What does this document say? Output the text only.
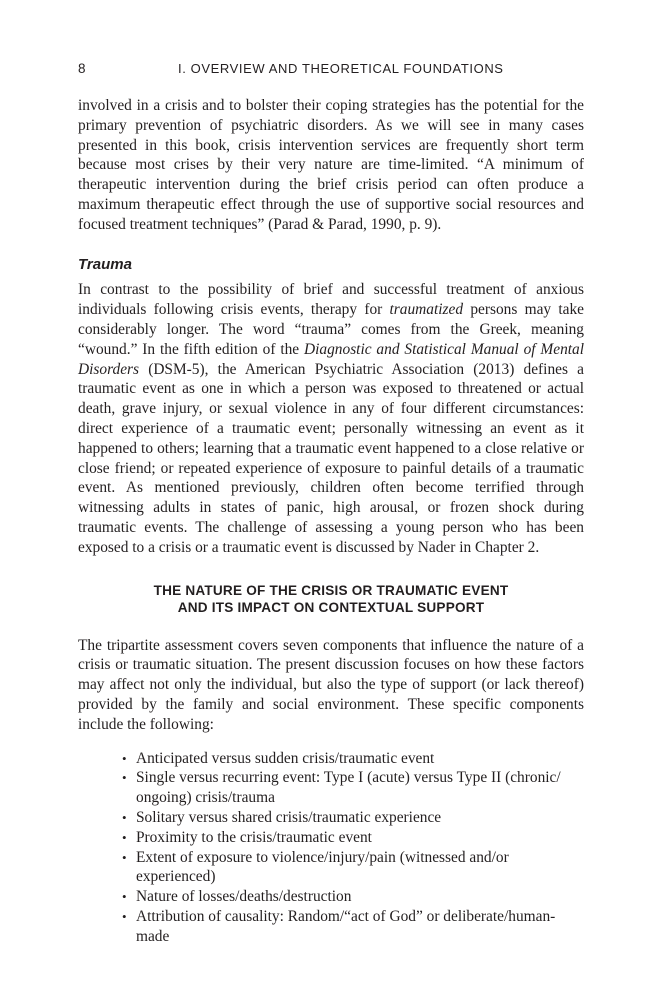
8	I. OVERVIEW AND THEORETICAL FOUNDATIONS

involved in a crisis and to bolster their coping strategies has the potential for the primary prevention of psychiatric disorders. As we will see in many cases presented in this book, crisis intervention services are frequently short term because most crises by their very nature are time-limited. “A minimum of therapeutic intervention during the brief crisis period can often produce a maximum therapeutic effect through the use of supportive social resources and focused treatment techniques” (Parad & Parad, 1990, p. 9).

Trauma

In contrast to the possibility of brief and successful treatment of anxious individuals following crisis events, therapy for traumatized persons may take considerably longer. The word “trauma” comes from the Greek, meaning “wound.” In the fifth edition of the Diagnostic and Statistical Manual of Mental Disorders (DSM-5), the American Psychiatric Association (2013) defines a traumatic event as one in which a person was exposed to threatened or actual death, grave injury, or sexual violence in any of four different circumstances: direct experience of a traumatic event; personally witnessing an event as it happened to others; learning that a traumatic event happened to a close relative or close friend; or repeated experience of exposure to painful details of a traumatic event. As mentioned previously, children often become terrified through witnessing adults in states of panic, high arousal, or frozen shock during traumatic events. The challenge of assessing a young person who has been exposed to a crisis or a traumatic event is discussed by Nader in Chapter 2.

THE NATURE OF THE CRISIS OR TRAUMATIC EVENT
AND ITS IMPACT ON CONTEXTUAL SUPPORT

The tripartite assessment covers seven components that influence the nature of a crisis or traumatic situation. The present discussion focuses on how these factors may affect not only the individual, but also the type of support (or lack thereof) provided by the family and social environment. These specific components include the following:

• Anticipated versus sudden crisis/traumatic event
• Single versus recurring event: Type I (acute) versus Type II (chronic/ ongoing) crisis/trauma
• Solitary versus shared crisis/traumatic experience
• Proximity to the crisis/traumatic event
• Extent of exposure to violence/injury/pain (witnessed and/or experienced)
• Nature of losses/deaths/destruction
• Attribution of causality: Random/“act of God” or deliberate/human-made
